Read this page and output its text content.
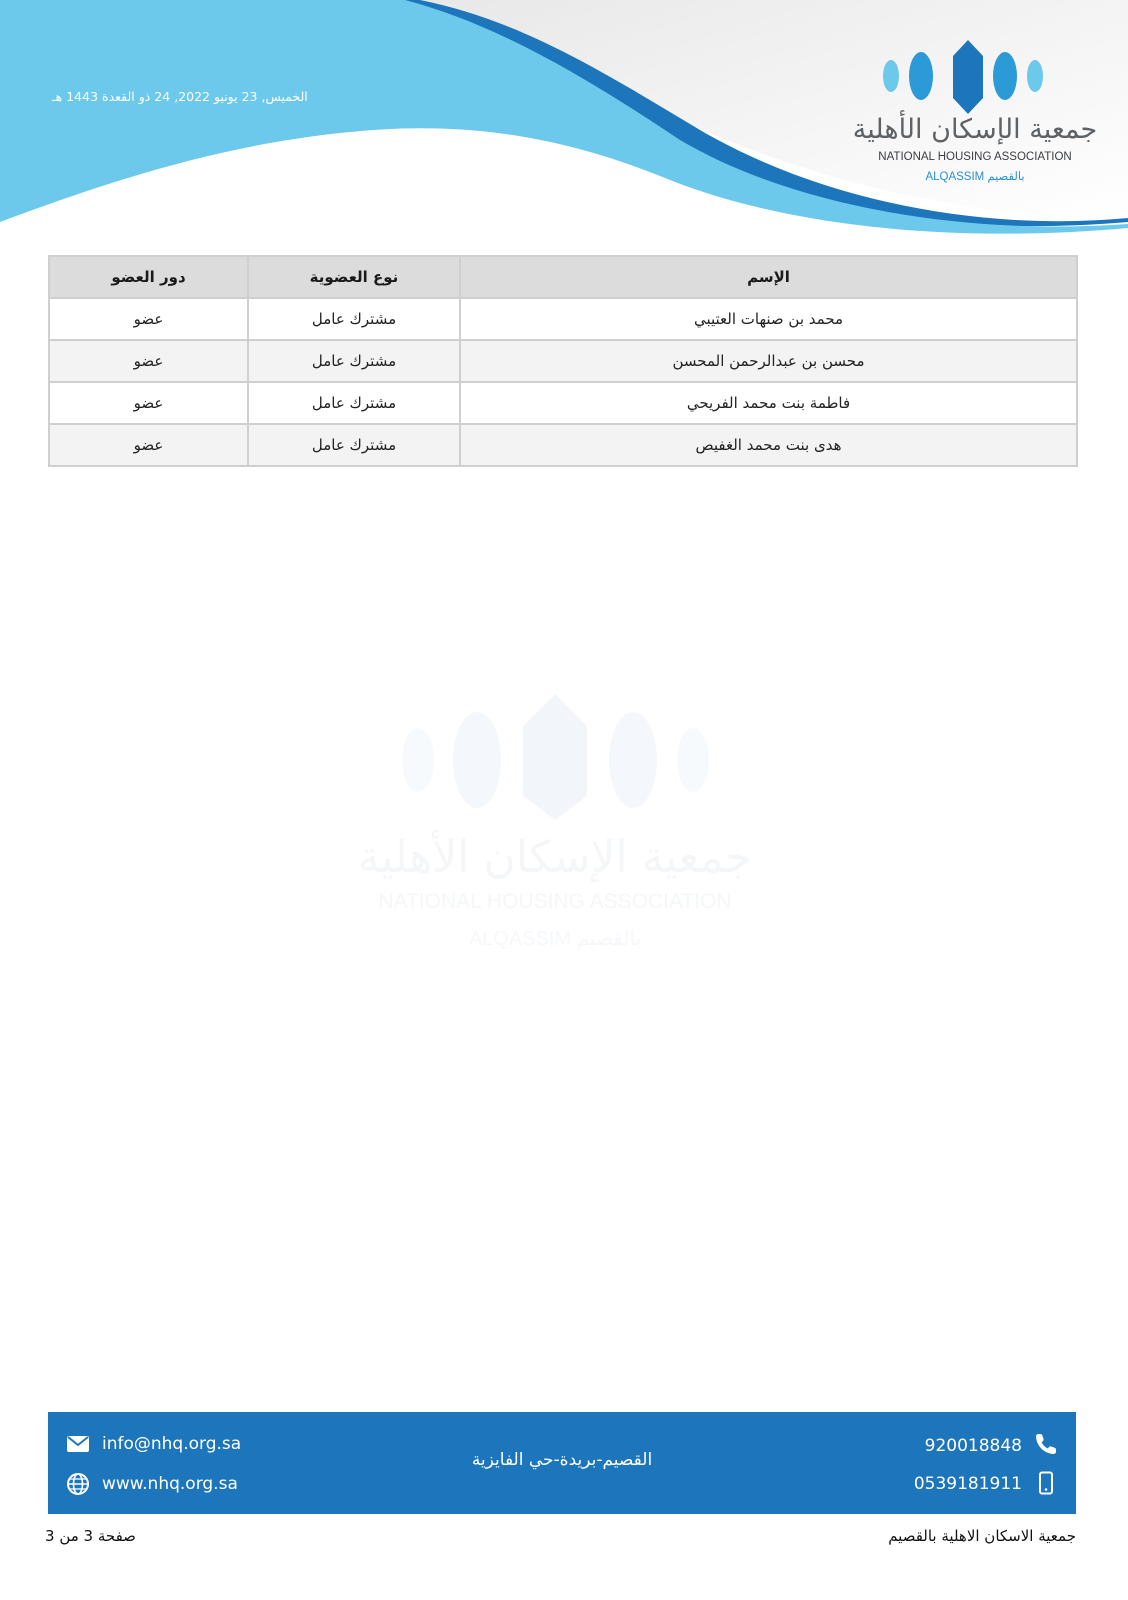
الخميس, 23 يونيو 2022, 24 ذو القعدة 1443 هـ
جمعية الإسكان الأهلية
NATIONAL HOUSING ASSOCIATION
ALQASSIM بالقصيم
الإسم	نوع العضوية	دور العضو
محمد بن صنهات العتيبي	مشترك عامل	عضو
محسن بن عبدالرحمن المحسن	مشترك عامل	عضو
فاطمة بنت محمد الفريحي	مشترك عامل	عضو
هدى بنت محمد الغفيص	مشترك عامل	عضو
جمعية الإسكان الأهلية
NATIONAL HOUSING ASSOCIATION
ALQASSIM بالقصيم
info@nhq.org.sa
www.nhq.org.sa
القصيم-بريدة-حي الفايزية
920018848
0539181911
صفحة 3 من 3	جمعية الاسكان الاهلية بالقصيم
